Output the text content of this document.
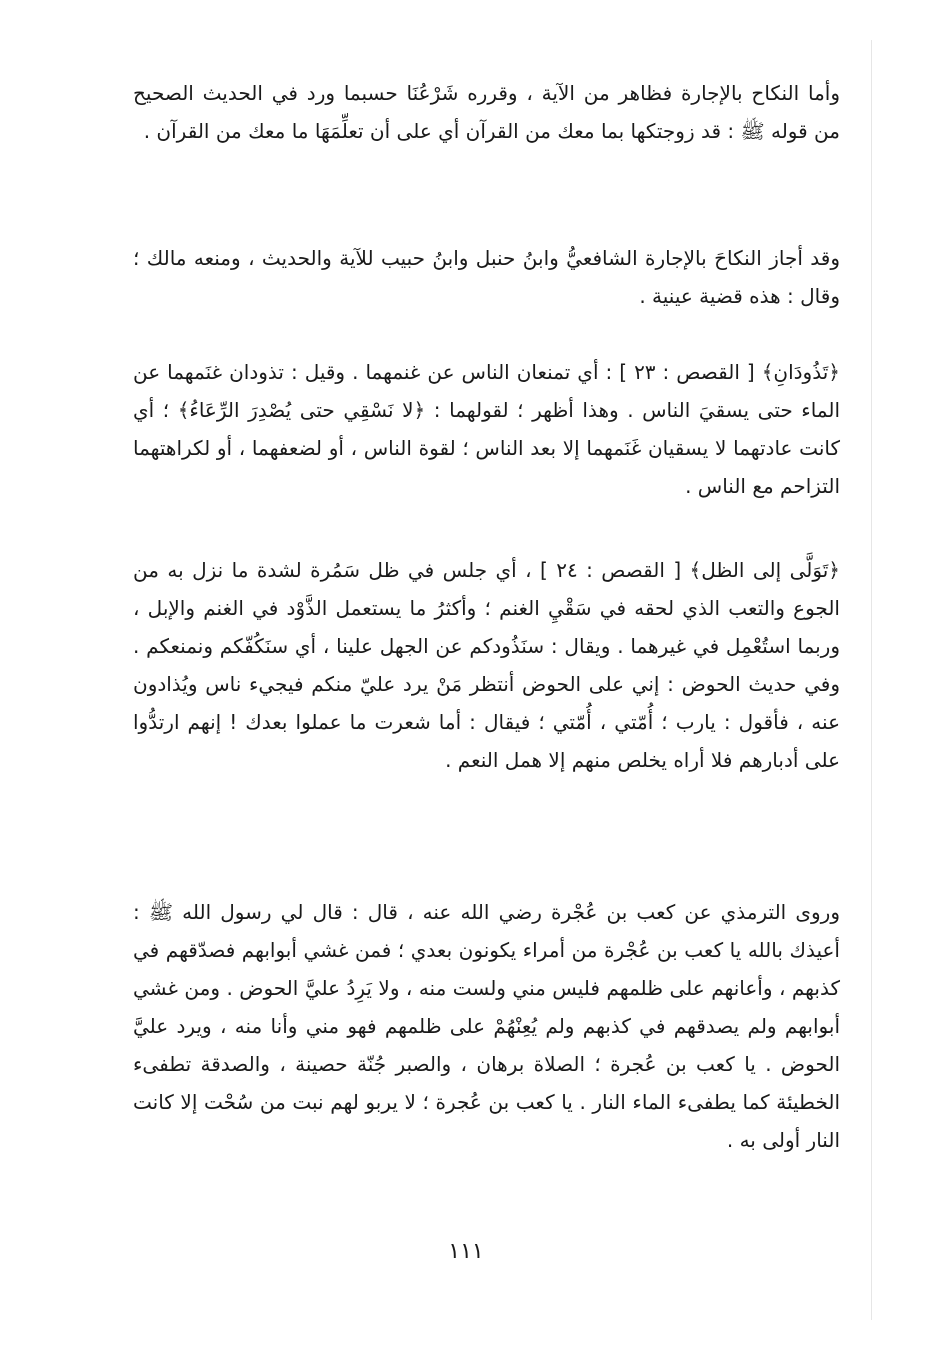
وأما النكاح بالإجارة فظاهر من الآية ، وقرره شَرْعُنَا حسبما ورد في الحديث الصحيح من قوله ﷺ : قد زوجتكها بما معك من القرآن أي على أن تعلِّمَهَا ما معك من القرآن .

وقد أجاز النكاحَ بالإجارة الشافعيُّ وابنُ حنبل وابنُ حبيب للآية والحديث ، ومنعه مالك ؛ وقال : هذه قضية عينية .

﴿تَذُودَانِ﴾ [ القصص : ٢٣ ] : أي تمنعان الناس عن غنمهما . وقيل : تذودان غنَمهما عن الماء حتى يسقيَ الناس . وهذا أظهر ؛ لقولهما : ﴿لا نَسْقِي حتى يُصْدِرَ الرِّعَاءُ﴾ ؛ أي كانت عادتهما لا يسقيان غَنَمهما إلا بعد الناس ؛ لقوة الناس ، أو لضعفهما ، أو لكراهتهما التزاحم مع الناس .

﴿تَوَلَّى إلى الظل﴾ [ القصص : ٢٤ ] ، أي جلس في ظل سَمُرة لشدة ما نزل به من الجوع والتعب الذي لحقه في سَقْيِ الغنم ؛ وأكثرُ ما يستعمل الذَّوْد في الغنم والإبل ، وربما استُعْمِل في غيرهما . ويقال : سنَذُودكم عن الجهل علينا ، أي سنَكُفّكم ونمنعكم . وفي حديث الحوض : إني على الحوض أنتظر مَنْ يرد عليّ منكم فيجيء ناس ويُذادون عنه ، فأقول : يارب ؛ أُمّتي ، أُمّتي ؛ فيقال : أما شعرت ما عملوا بعدك ! إنهم ارتدُّوا على أدبارهم فلا أراه يخلص منهم إلا همل النعم .

وروى الترمذي عن كعب بن عُجْرة رضي الله عنه ، قال : قال لي رسول الله ﷺ : أعيذك بالله يا كعب بن عُجْرة من أمراء يكونون بعدي ؛ فمن غشي أبوابهم فصدّقهم في كذبهم ، وأعانهم على ظلمهم فليس مني ولست منه ، ولا يَرِدُ عليَّ الحوض . ومن غشي أبوابهم ولم يصدقهم في كذبهم ولم يُعِنْهُمْ على ظلمهم فهو مني وأنا منه ، ويرد عليَّ الحوض . يا كعب بن عُجرة ؛ الصلاة برهان ، والصبر جُنّة حصينة ، والصدقة تطفىء الخطيئة كما يطفىء الماء النار . يا كعب بن عُجرة ؛ لا يربو لهم نبت من سُحْت إلا كانت النار أولى به .

١١١
